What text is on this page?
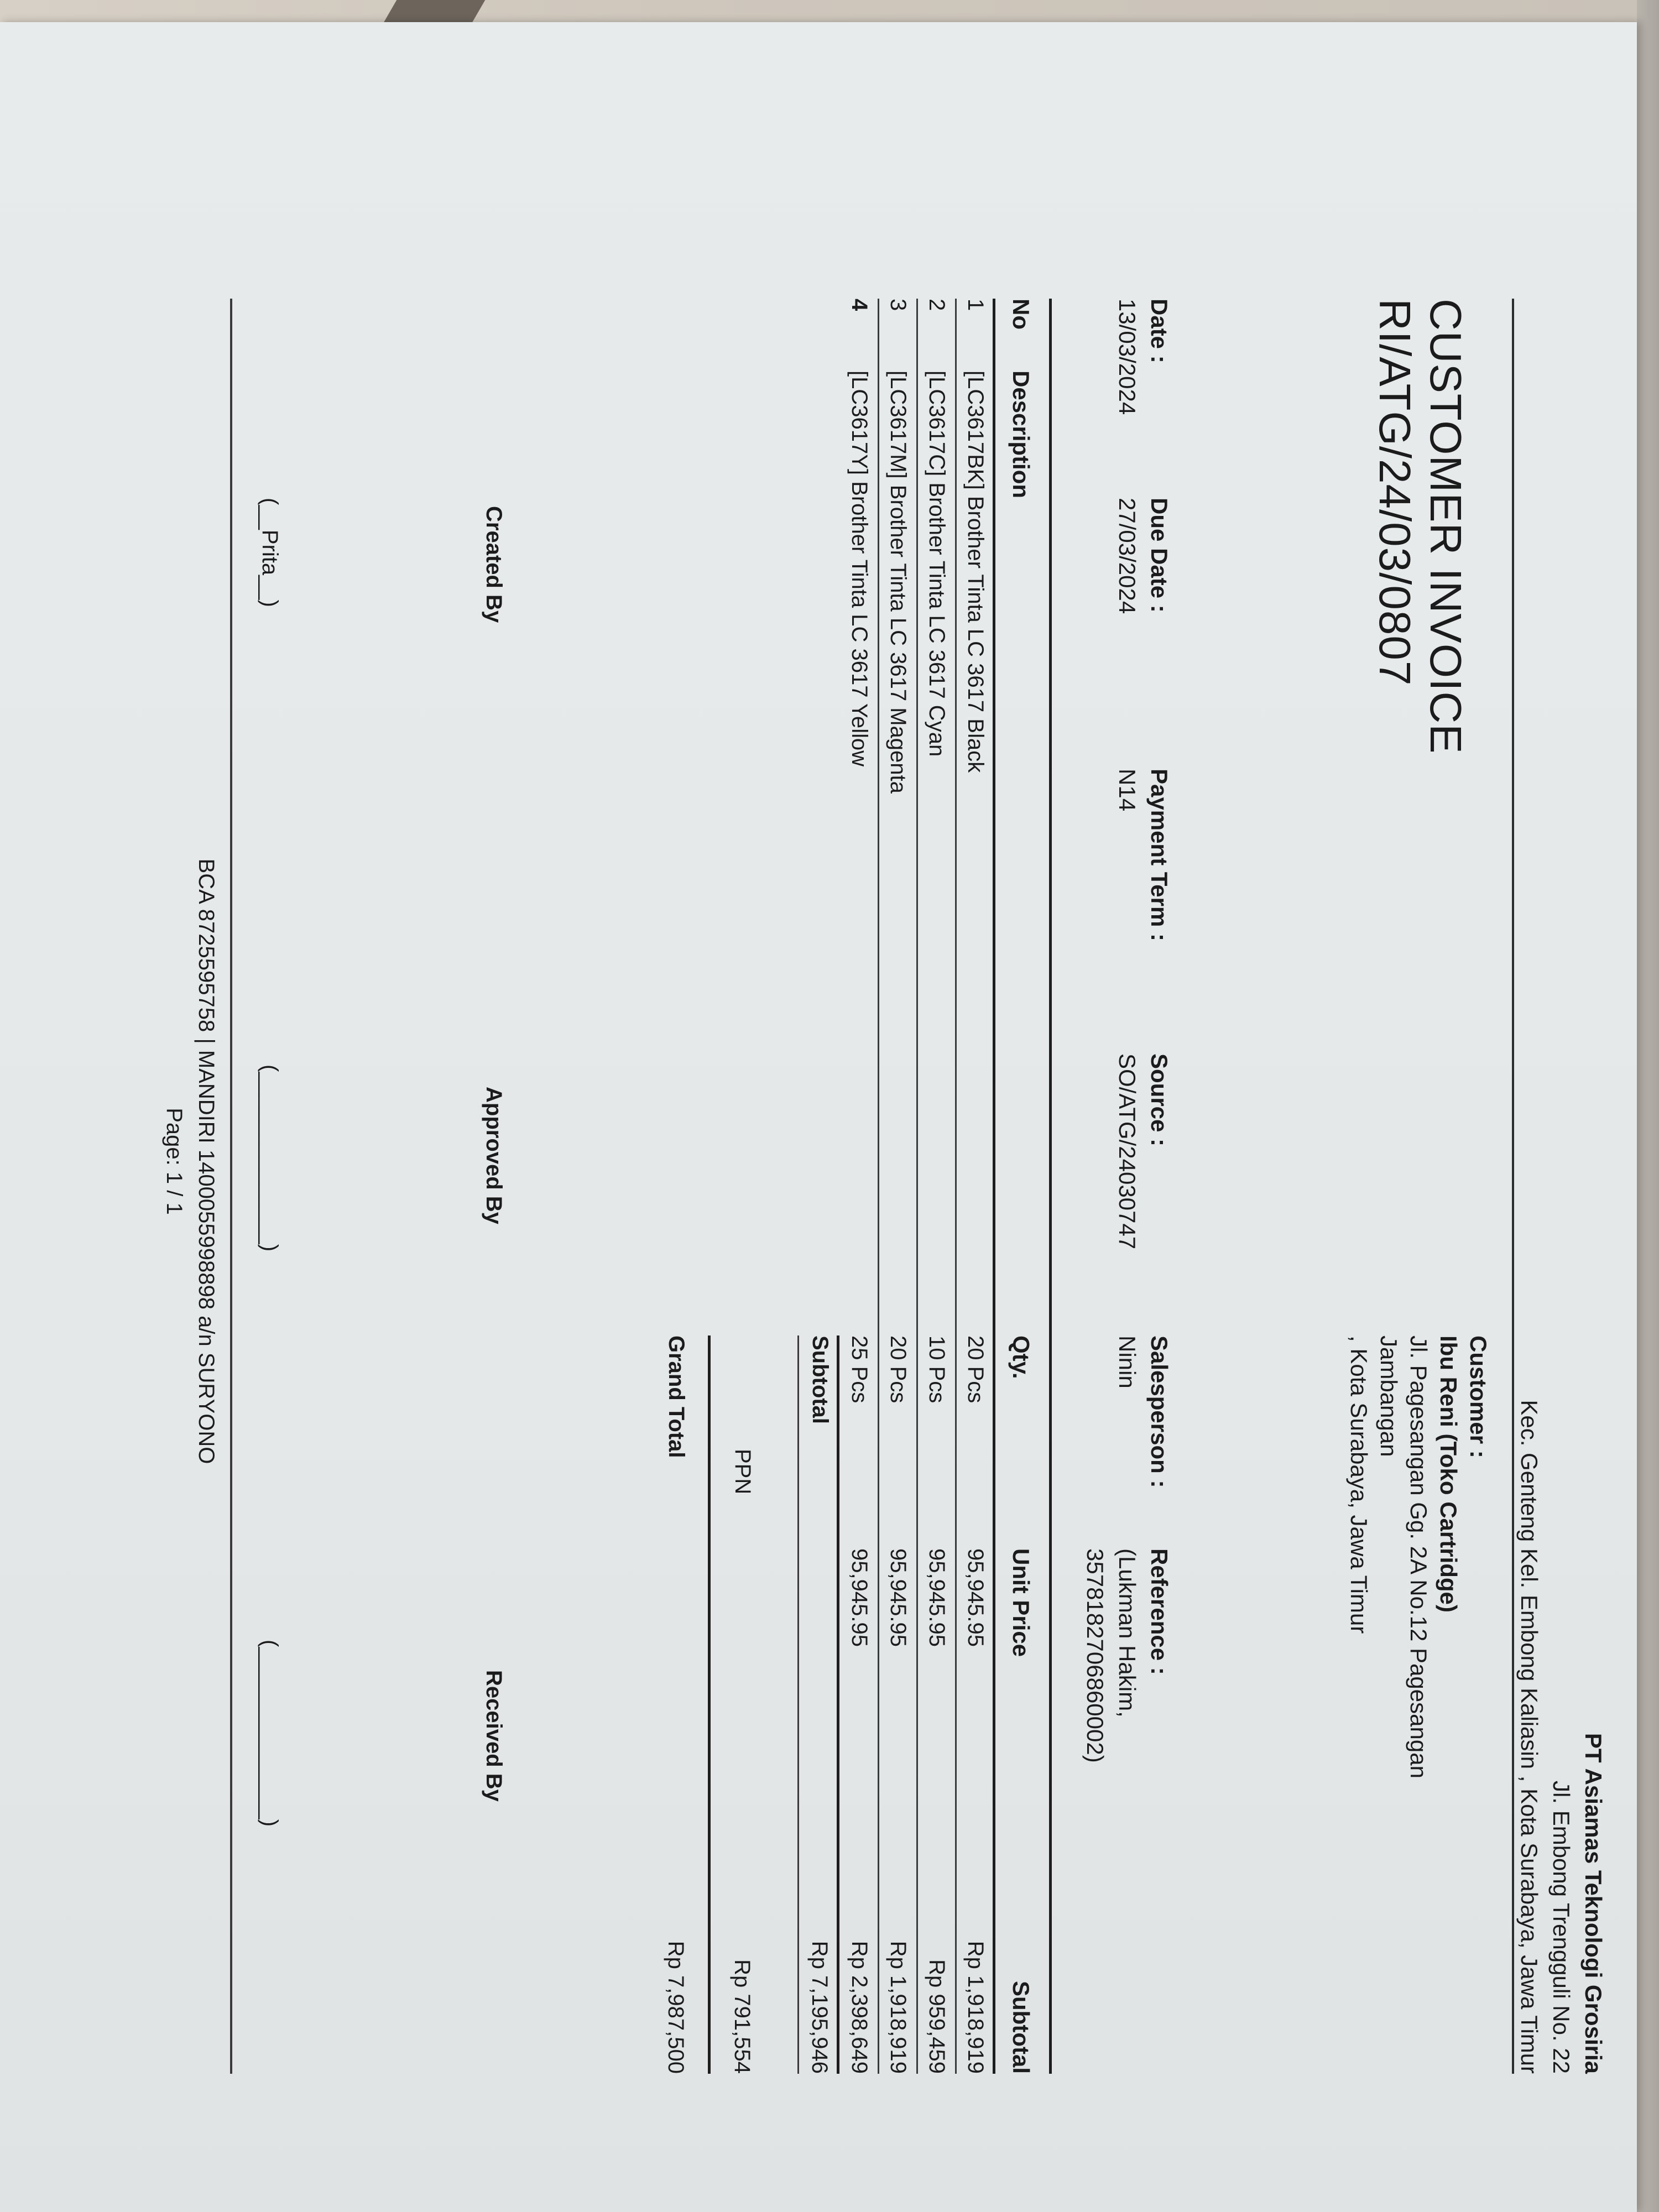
PT Asiamas Teknologi Grosiria
Jl. Embong Trengguli No. 22
Kec. Genteng Kel. Embong Kaliasin , Kota Surabaya, Jawa Timur
Customer :
Ibu Reni (Toko Cartridge)
Jl. Pagesangan Gg. 2A No.12 Pagesangan
Jambangan
, Kota Surabaya, Jawa Timur
CUSTOMER INVOICE
RI/ATG/24/03/0807
Date :
13/03/2024
Due Date :
27/03/2024
Payment Term :
N14
Source :
SO/ATG/24030747
Salesperson :
Ninin
Reference :
(Lukman Hakim,
3578182706860002)
No
Description
Qty.
Unit Price
Subtotal
1
[LC3617BK] Brother Tinta LC 3617 Black
20 Pcs
95,945.95
Rp 1,918,919
2
[LC3617C] Brother Tinta LC 3617 Cyan
10 Pcs
95,945.95
Rp 959,459
3
[LC3617M] Brother Tinta LC 3617 Magenta
20 Pcs
95,945.95
Rp 1,918,919
4
[LC3617Y] Brother Tinta LC 3617 Yellow
25 Pcs
95,945.95
Rp 2,398,649
Subtotal
Rp 7,195,946
PPN
Rp 791,554
Grand Total
Rp 7,987,500
Created By
Approved By
Received By
(__Prita__)
(______________)
(______________)
BCA 8725595758 | MANDIRI 1400055998898 a/n SURYONO
Page: 1 / 1
